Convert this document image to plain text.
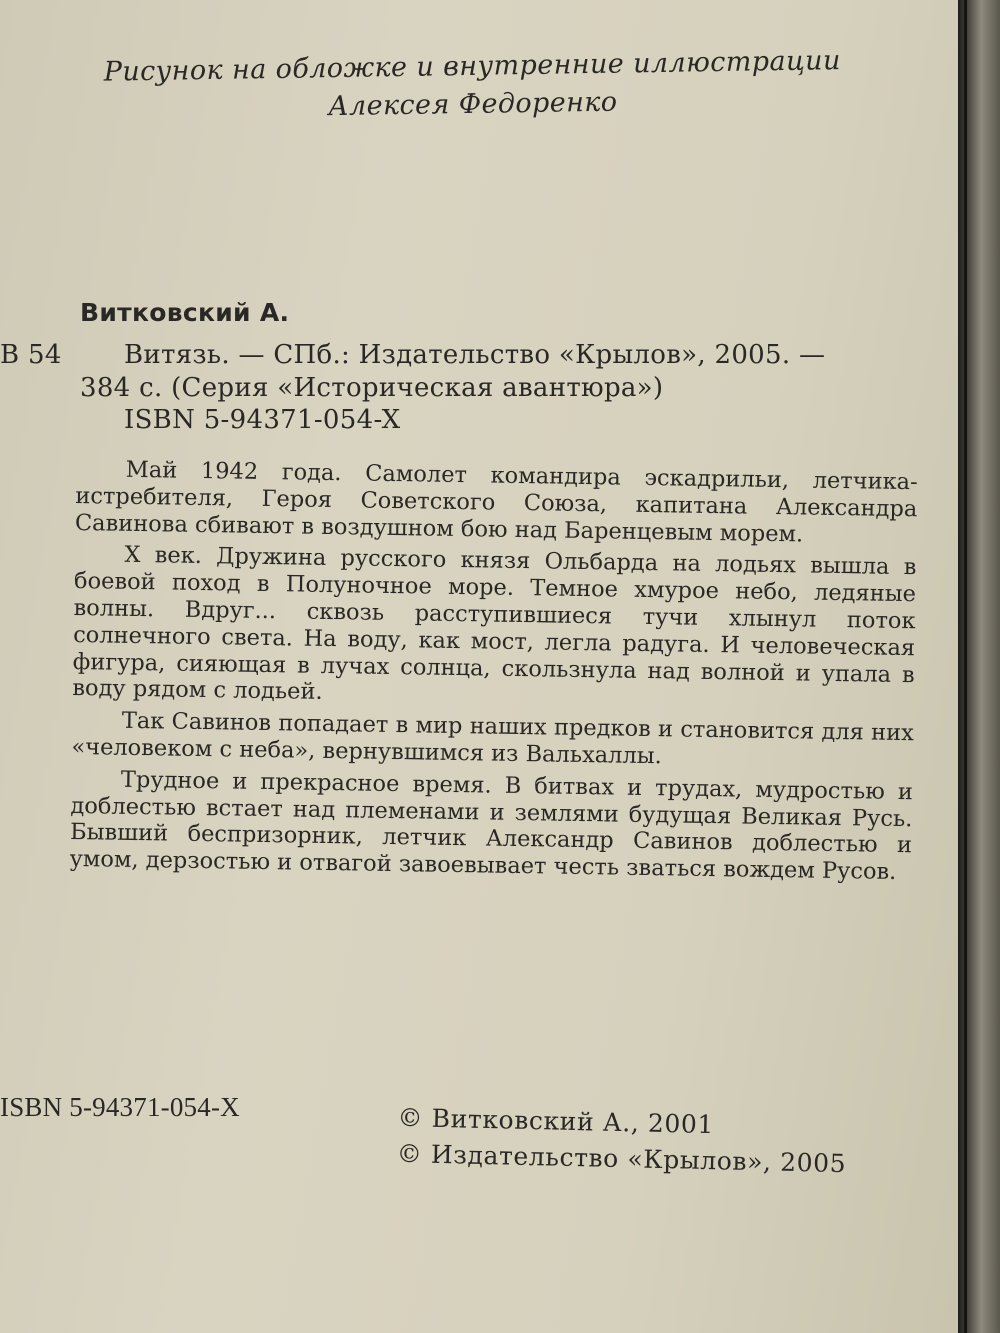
Рисунок на обложке и внутренние иллюстрации
Алексея Федоренко
Витковский А.
В 54 Витязь. — СПб.: Издательство «Крылов», 2005. —
384 с. (Серия «Историческая авантюра»)
ISBN 5-94371-054-X

Май 1942 года. Самолет командира эскадрильи, летчика-истребителя, Героя Советского Союза, капитана Александра Савинова сбивают в воздушном бою над Баренцевым морем.

X век. Дружина русского князя Ольбарда на лодьях вышла в боевой поход в Полуночное море. Темное хмурое небо, ледяные волны. Вдруг... сквозь расступившиеся тучи хлынул поток солнечного света. На воду, как мост, легла радуга. И человеческая фигура, сияющая в лучах солнца, скользнула над волной и упала в воду рядом с лодьей.

Так Савинов попадает в мир наших предков и становится для них «человеком с неба», вернувшимся из Вальхаллы.

Трудное и прекрасное время. В битвах и трудах, мудростью и доблестью встает над племенами и землями будущая Великая Русь. Бывший беспризорник, летчик Александр Савинов доблестью и умом, дерзостью и отвагой завоевывает честь зваться вождем Русов.

ISBN 5-94371-054-X	© Витковский А., 2001
© Издательство «Крылов», 2005
